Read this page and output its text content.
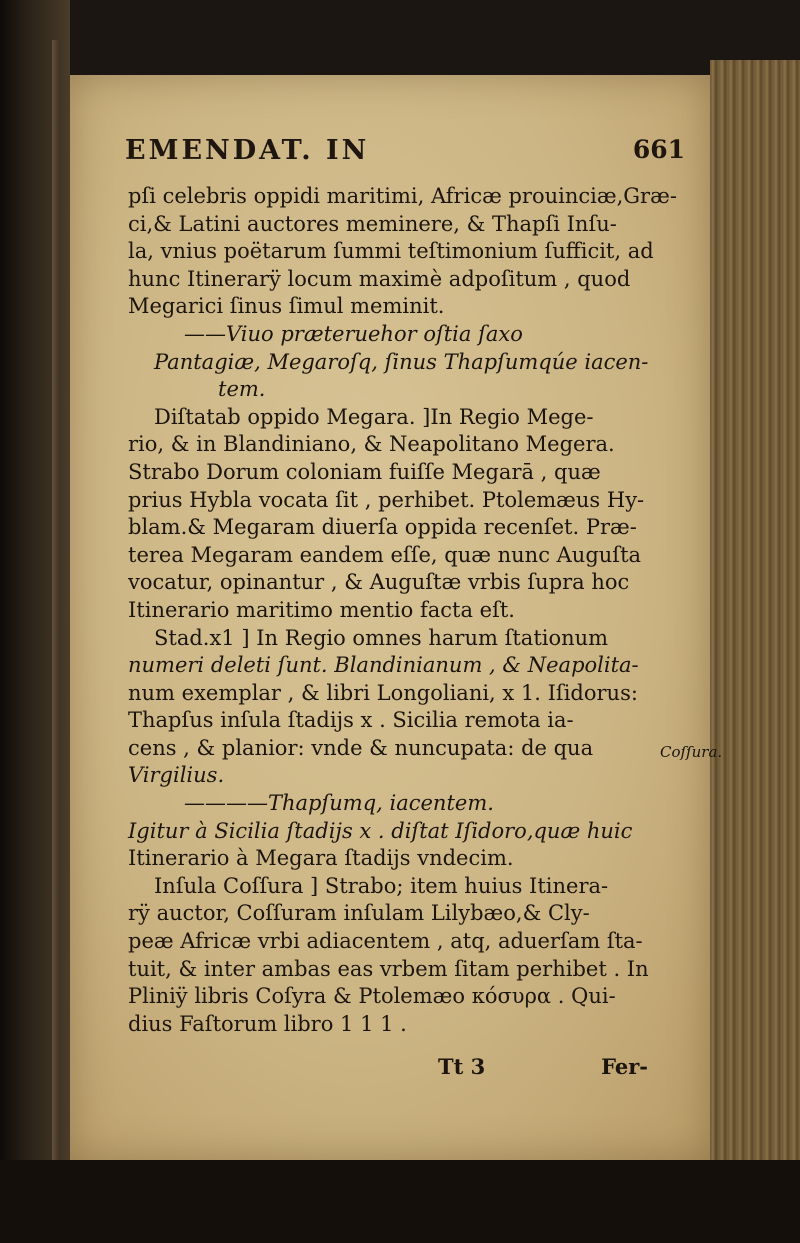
EMENDAT. IN	661
pſi celebris oppidi maritimi, Africæ prouinciæ,Græ-
ci,& Latini auctores meminere, & Thapſi Inſu-
la, vnius poëtarum ſummi teſtimonium ſufficit, ad
hunc Itinerarÿ locum maximè adpoſitum , quod
Megarici ſinus ſimul meminit.
——Viuo præteruehor oſtia ſaxo
Pantagiæ, Megaroſq, ſinus Thapſumqúe iacen-
tem.
Diſtatab oppido Megara. ]In Regio Mege-
rio, & in Blandiniano, & Neapolitano Megera.
Strabo Dorum coloniam fuiſſe Megarā , quæ
prius Hybla vocata ſit , perhibet. Ptolemæus Hy-
blam.& Megaram diuerſa oppida recenſet. Præ-
terea Megaram eandem eſſe, quæ nunc Auguſta
vocatur, opinantur , & Auguſtæ vrbis ſupra hoc
Itinerario maritimo mentio facta eſt.
Stad.x1 ] In Regio omnes harum ſtationum
numeri deleti ſunt. Blandinianum , & Neapolita-
num exemplar , & libri Longoliani, x 1. Iſidorus:
Thapſus inſula ſtadijs x . Sicilia remota ia-
cens , & planior: vnde & nuncupata: de qua
Virgilius.
————Thapſumq, iacentem.
Igitur à Sicilia ſtadijs x . diſtat Iſidoro,quæ huic
Itinerario à Megara ſtadijs vndecim.
Inſula Coſſura ] Strabo; item huius Itinera-
rÿ auctor, Coſſuram inſulam Lilybæo,& Cly-
peæ Africæ vrbi adiacentem , atq, aduerſam ſta-
tuit, & inter ambas eas vrbem ſitam perhibet . In
Pliniÿ libris Coſyra & Ptolemæo κόσυρα . Qui-
dius Faſtorum libro 1 1 1 .
Coſſura.
Tt 3	Fer-
